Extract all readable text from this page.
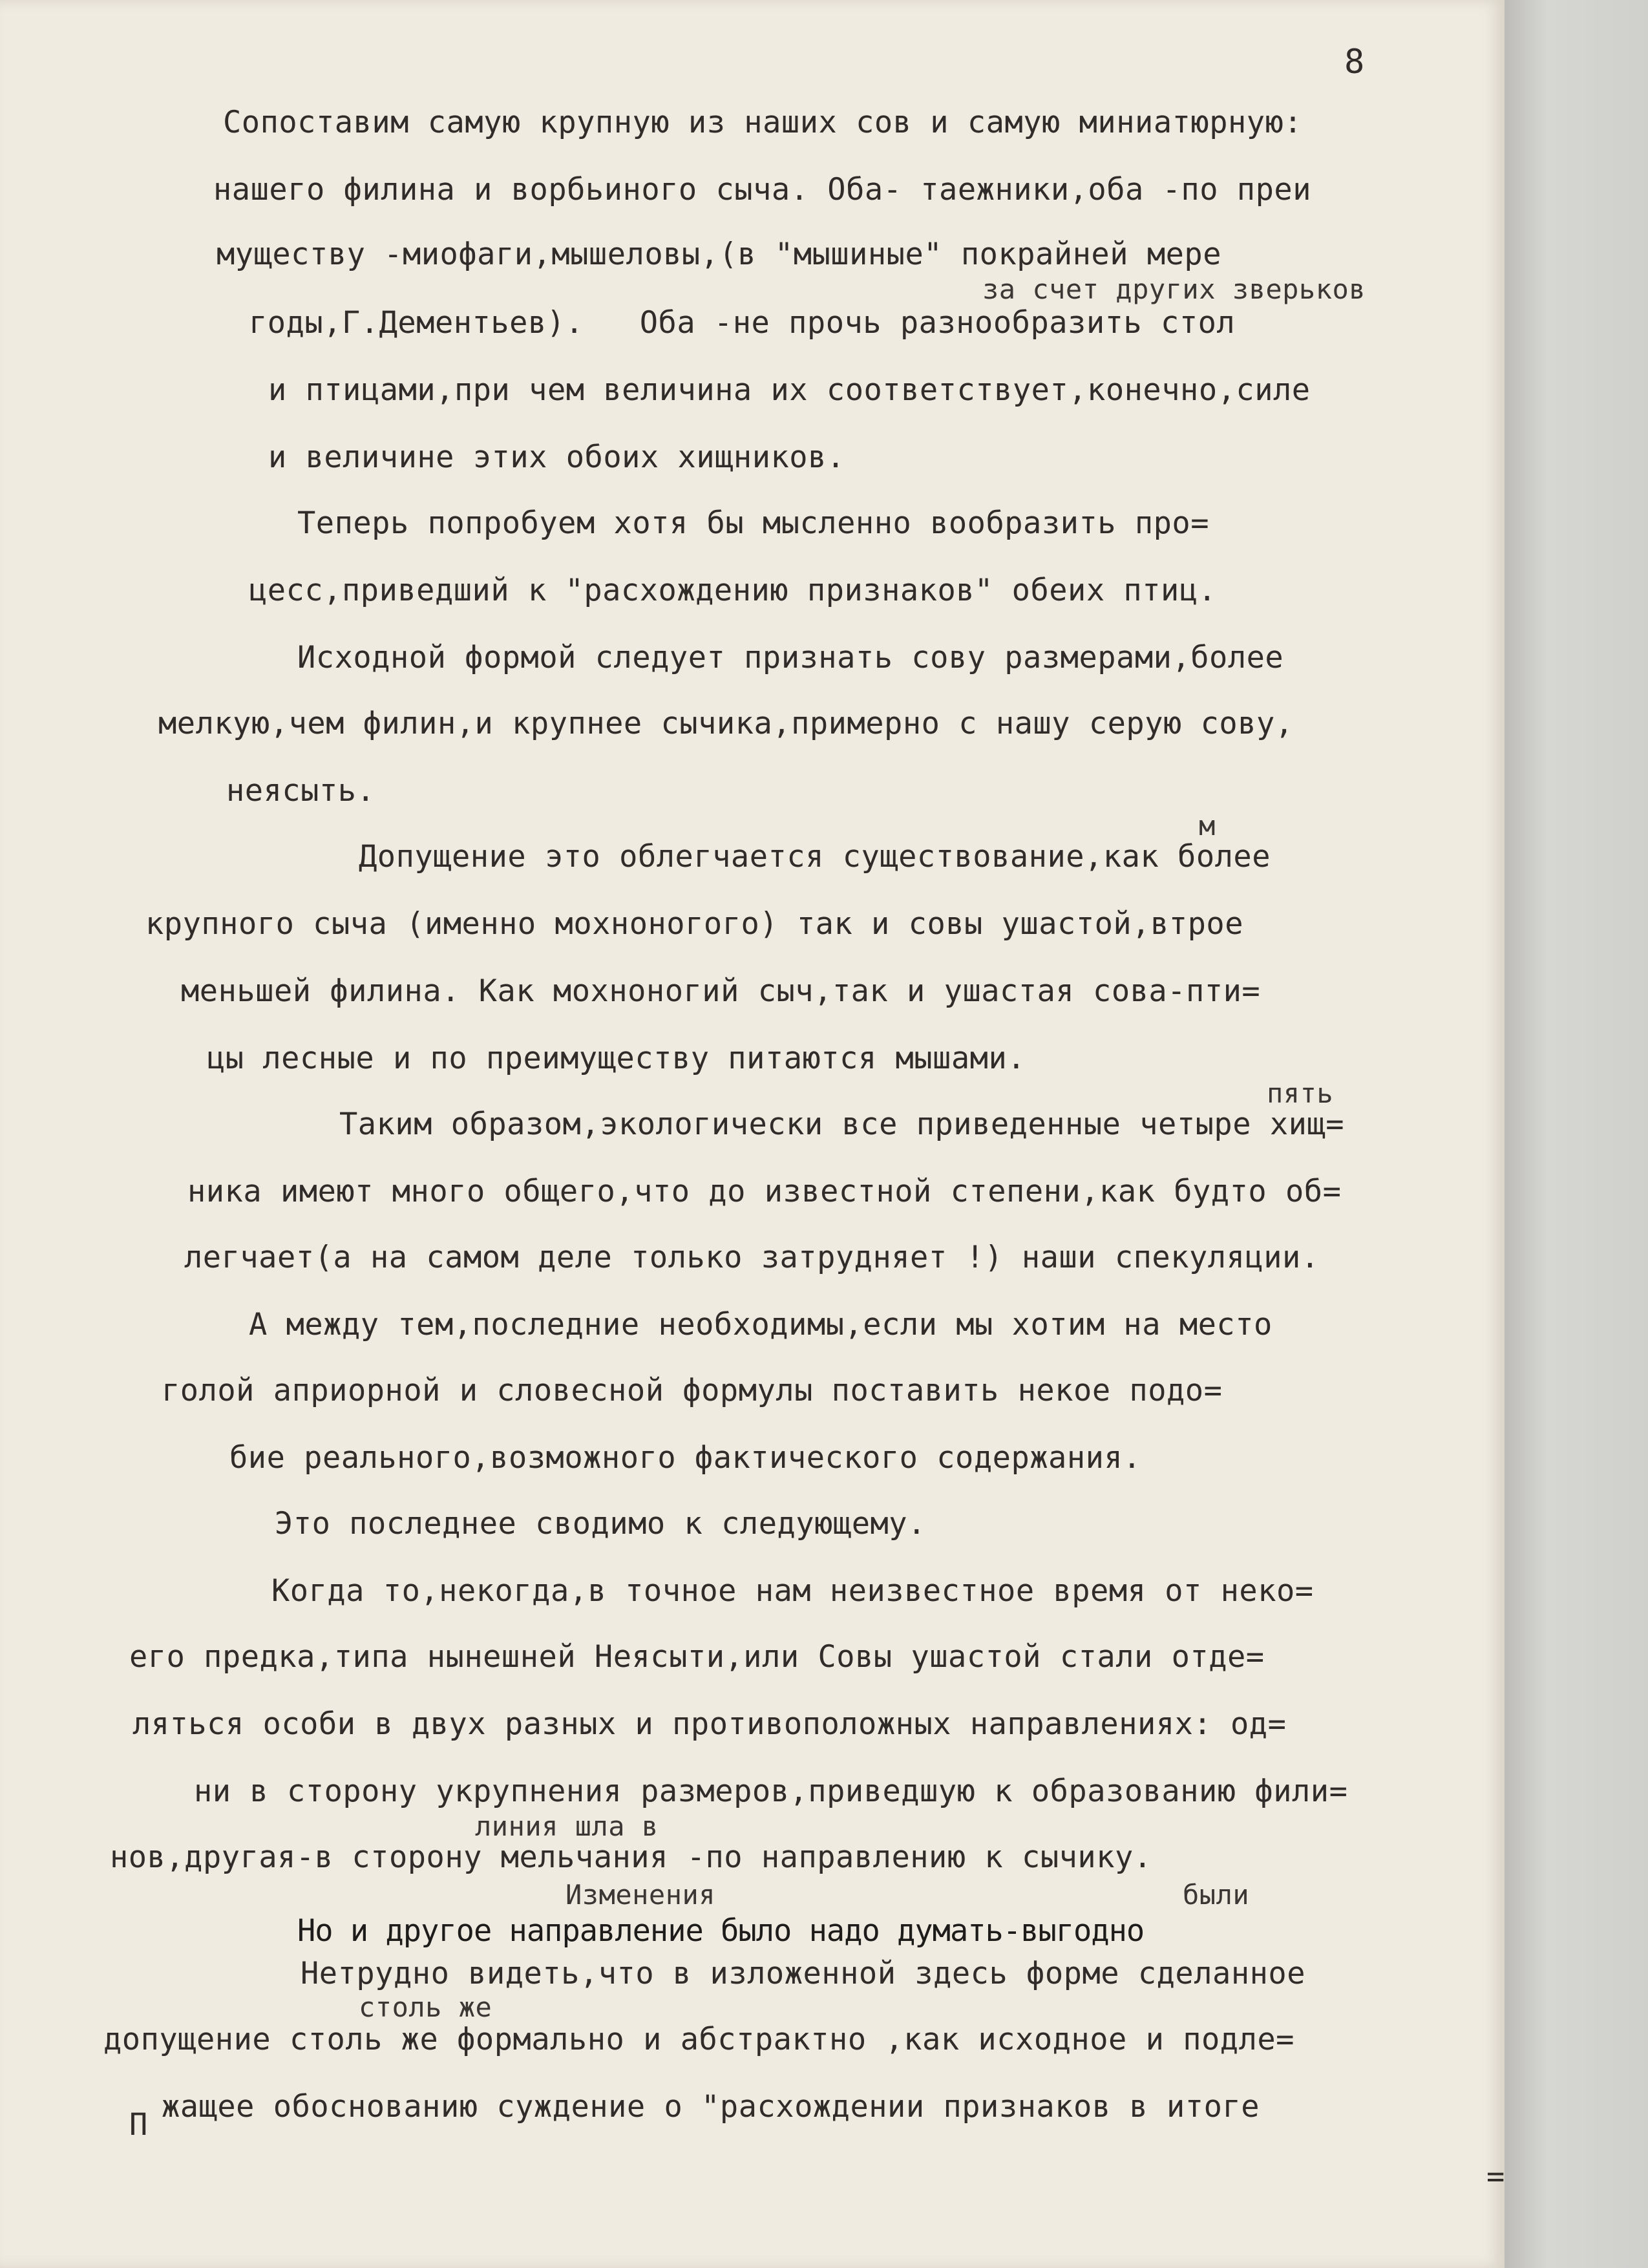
8
Сопоставим самую крупную из наших сов и самую миниатюрную:
нашего филина и ворбьиного сыча. Оба- таежники,оба -по преи
муществу -миофаги,мышеловы,(в "мышиные" покрайней мере
за счет других зверьков
годы,Г.Дементьев).   Оба -не прочь разнообразить стол
и птицами,при чем величина их соответствует,конечно,силе
и величине этих обоих хищников.
Теперь попробуем хотя бы мысленно вообразить про=
цесс,приведший к "расхождению признаков" обеих птиц.
Исходной формой следует признать сову размерами,более
мелкую,чем филин,и крупнее сычика,примерно с нашу серую сову,
неясыть.
м
Допущение это облегчается существование,как более
крупного сыча (именно мохноногого) так и совы ушастой,втрое
меньшей филина. Как мохноногий сыч,так и ушастая сова-пти=
цы лесные и по преимуществу питаются мышами.
пять
Таким образом,экологически все приведенные четыре хищ=
ника имеют много общего,что до известной степени,как будто об=
легчает(а на самом деле только затрудняет !) наши спекуляции.
А между тем,последние необходимы,если мы хотим на место
голой априорной и словесной формулы поставить некое подо=
бие реального,возможного фактического содержания.
Это последнее сводимо к следующему.
Когда то,некогда,в точное нам неизвестное время от неко=
его предка,типа нынешней Неясыти,или Совы ушастой стали отде=
ляться особи в двух разных и противоположных направлениях: од=
ни в сторону укрупнения размеров,приведшую к образованию фили=
линия шла в
нов,другая-в сторону мельчания -по направлению к сычику.
Изменения	были
Но и другое направление было надо думать-выгодно
Нетрудно видеть,что в изложенной здесь форме сделанное
столь же
допущение столь же формально и абстрактно ,как исходное и подле=
жащее обоснованию суждение о "расхождении признаков в итоге
П
=
